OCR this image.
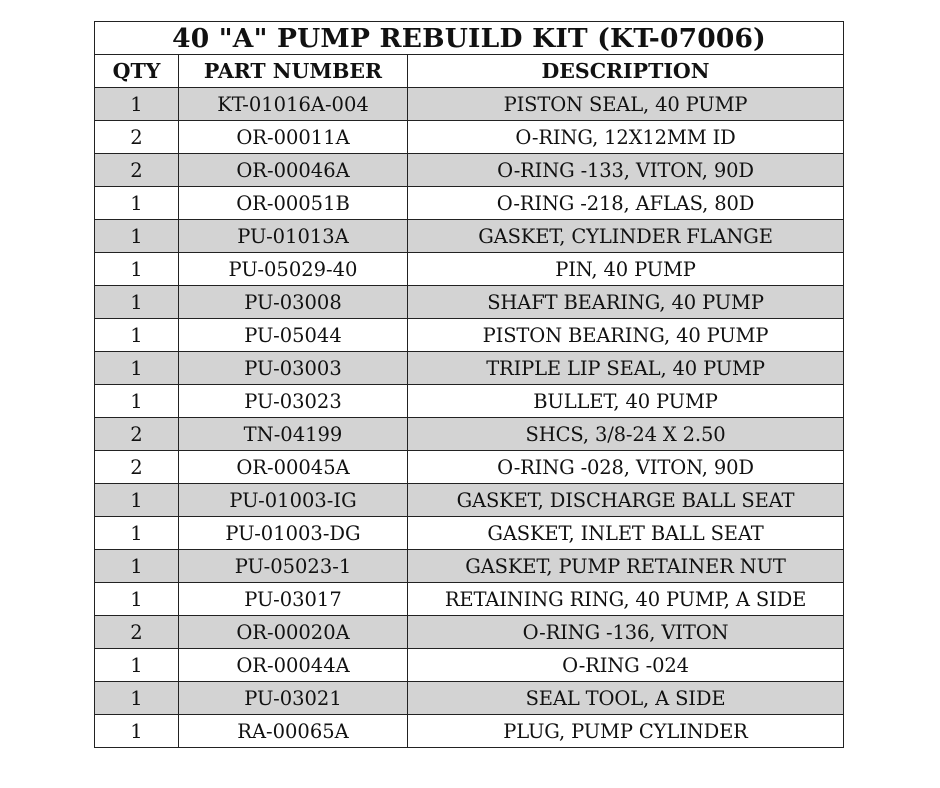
40 "A" PUMP REBUILD KIT (KT-07006)		
QTY	PART NUMBER	DESCRIPTION
1	KT-01016A-004	PISTON SEAL, 40 PUMP
2	OR-00011A	O-RING, 12X12MM ID
2	OR-00046A	O-RING -133, VITON, 90D
1	OR-00051B	O-RING -218, AFLAS, 80D
1	PU-01013A	GASKET, CYLINDER FLANGE
1	PU-05029-40	PIN, 40 PUMP
1	PU-03008	SHAFT BEARING, 40 PUMP
1	PU-05044	PISTON BEARING, 40 PUMP
1	PU-03003	TRIPLE LIP SEAL, 40 PUMP
1	PU-03023	BULLET, 40 PUMP
2	TN-04199	SHCS, 3/8-24 X 2.50
2	OR-00045A	O-RING -028, VITON, 90D
1	PU-01003-IG	GASKET, DISCHARGE BALL SEAT
1	PU-01003-DG	GASKET, INLET BALL SEAT
1	PU-05023-1	GASKET, PUMP RETAINER NUT
1	PU-03017	RETAINING RING, 40 PUMP, A SIDE
2	OR-00020A	O-RING -136, VITON
1	OR-00044A	O-RING -024
1	PU-03021	SEAL TOOL, A SIDE
1	RA-00065A	PLUG, PUMP CYLINDER
